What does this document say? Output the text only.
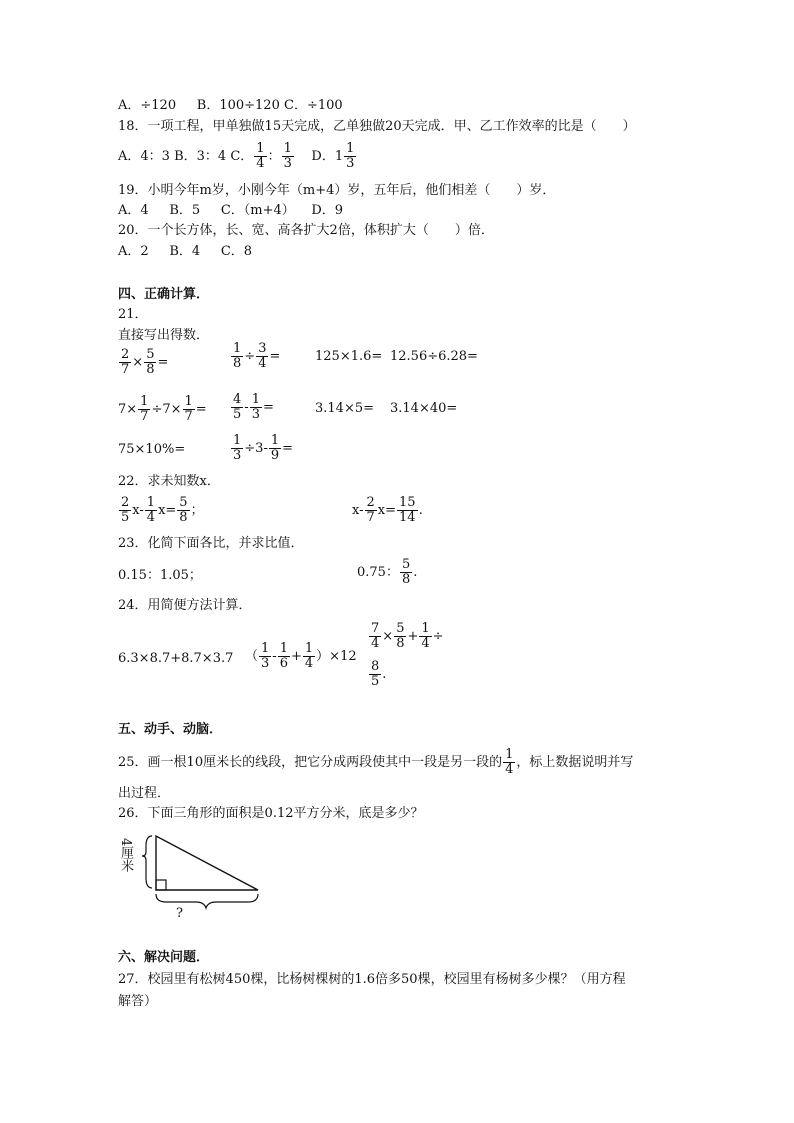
A．÷120 B．100÷120 C．÷100
18．一项工程，甲单独做15天完成，乙单独做20天完成．甲、乙工作效率的比是（　　）
A．4：3
B．3：4
C． $\frac{1}{4}$ ： $\frac{1}{3}$
D． $1 \frac{1}{3}$
19．小明今年m岁，小刚今年（m+4）岁，五年后，他们相差（　　）岁．
A．4 B．5 C．（m+4） D．9
20．一个长方体，长、宽、高各扩大2倍，体积扩大（　　）倍．
A．2 B．4 C．8
四、正确计算．
21．
直接写出得数．
$\frac{2}{7} \times \frac{5}{8}$ =	$\frac{1}{8} \div \frac{3}{4}$ =	125×1.6= 12.56÷6.28=
$7\times \frac{1}{7} \div 7\times \frac{1}{7} = \frac{4}{5} - \frac{1}{3}$ =	3.14×5= 3.14×40=
75×10%=	$\frac{1}{3} \div 3- \frac{1}{9}$ =
22．求未知数x．
$\frac{2}{5} x- \frac{1}{4} x= \frac{5}{8}$ ；	$x- \frac{2}{7} x= \frac{15}{14}$ .
23．化简下面各比，并求比值．
0.15：1.05；	0.75： $\frac{5}{8}$ .
24．用简便方法计算．
6.3×8.7+8.7×3.7 （ $\frac{1}{3} - \frac{1}{6} + \frac{1}{4} )\times 12$
$\frac{7}{4} \times \frac{5}{8} + \frac{1}{4}$ ÷
$\frac{8}{5}$ .
五、动手、动脑．
25．画一根10厘米长的线段，把它分成两段使其中一段是另一段的 $\frac{1}{4}$ ，标上数据说明并写
出过程．
26．下面三角形的面积是0.12平方分米，底是多少？
4厘米
?
六、解决问题．
27．校园里有松树450棵，比杨树棵树的1.6倍多50棵，校园里有杨树多少棵？（用方程
解答）
